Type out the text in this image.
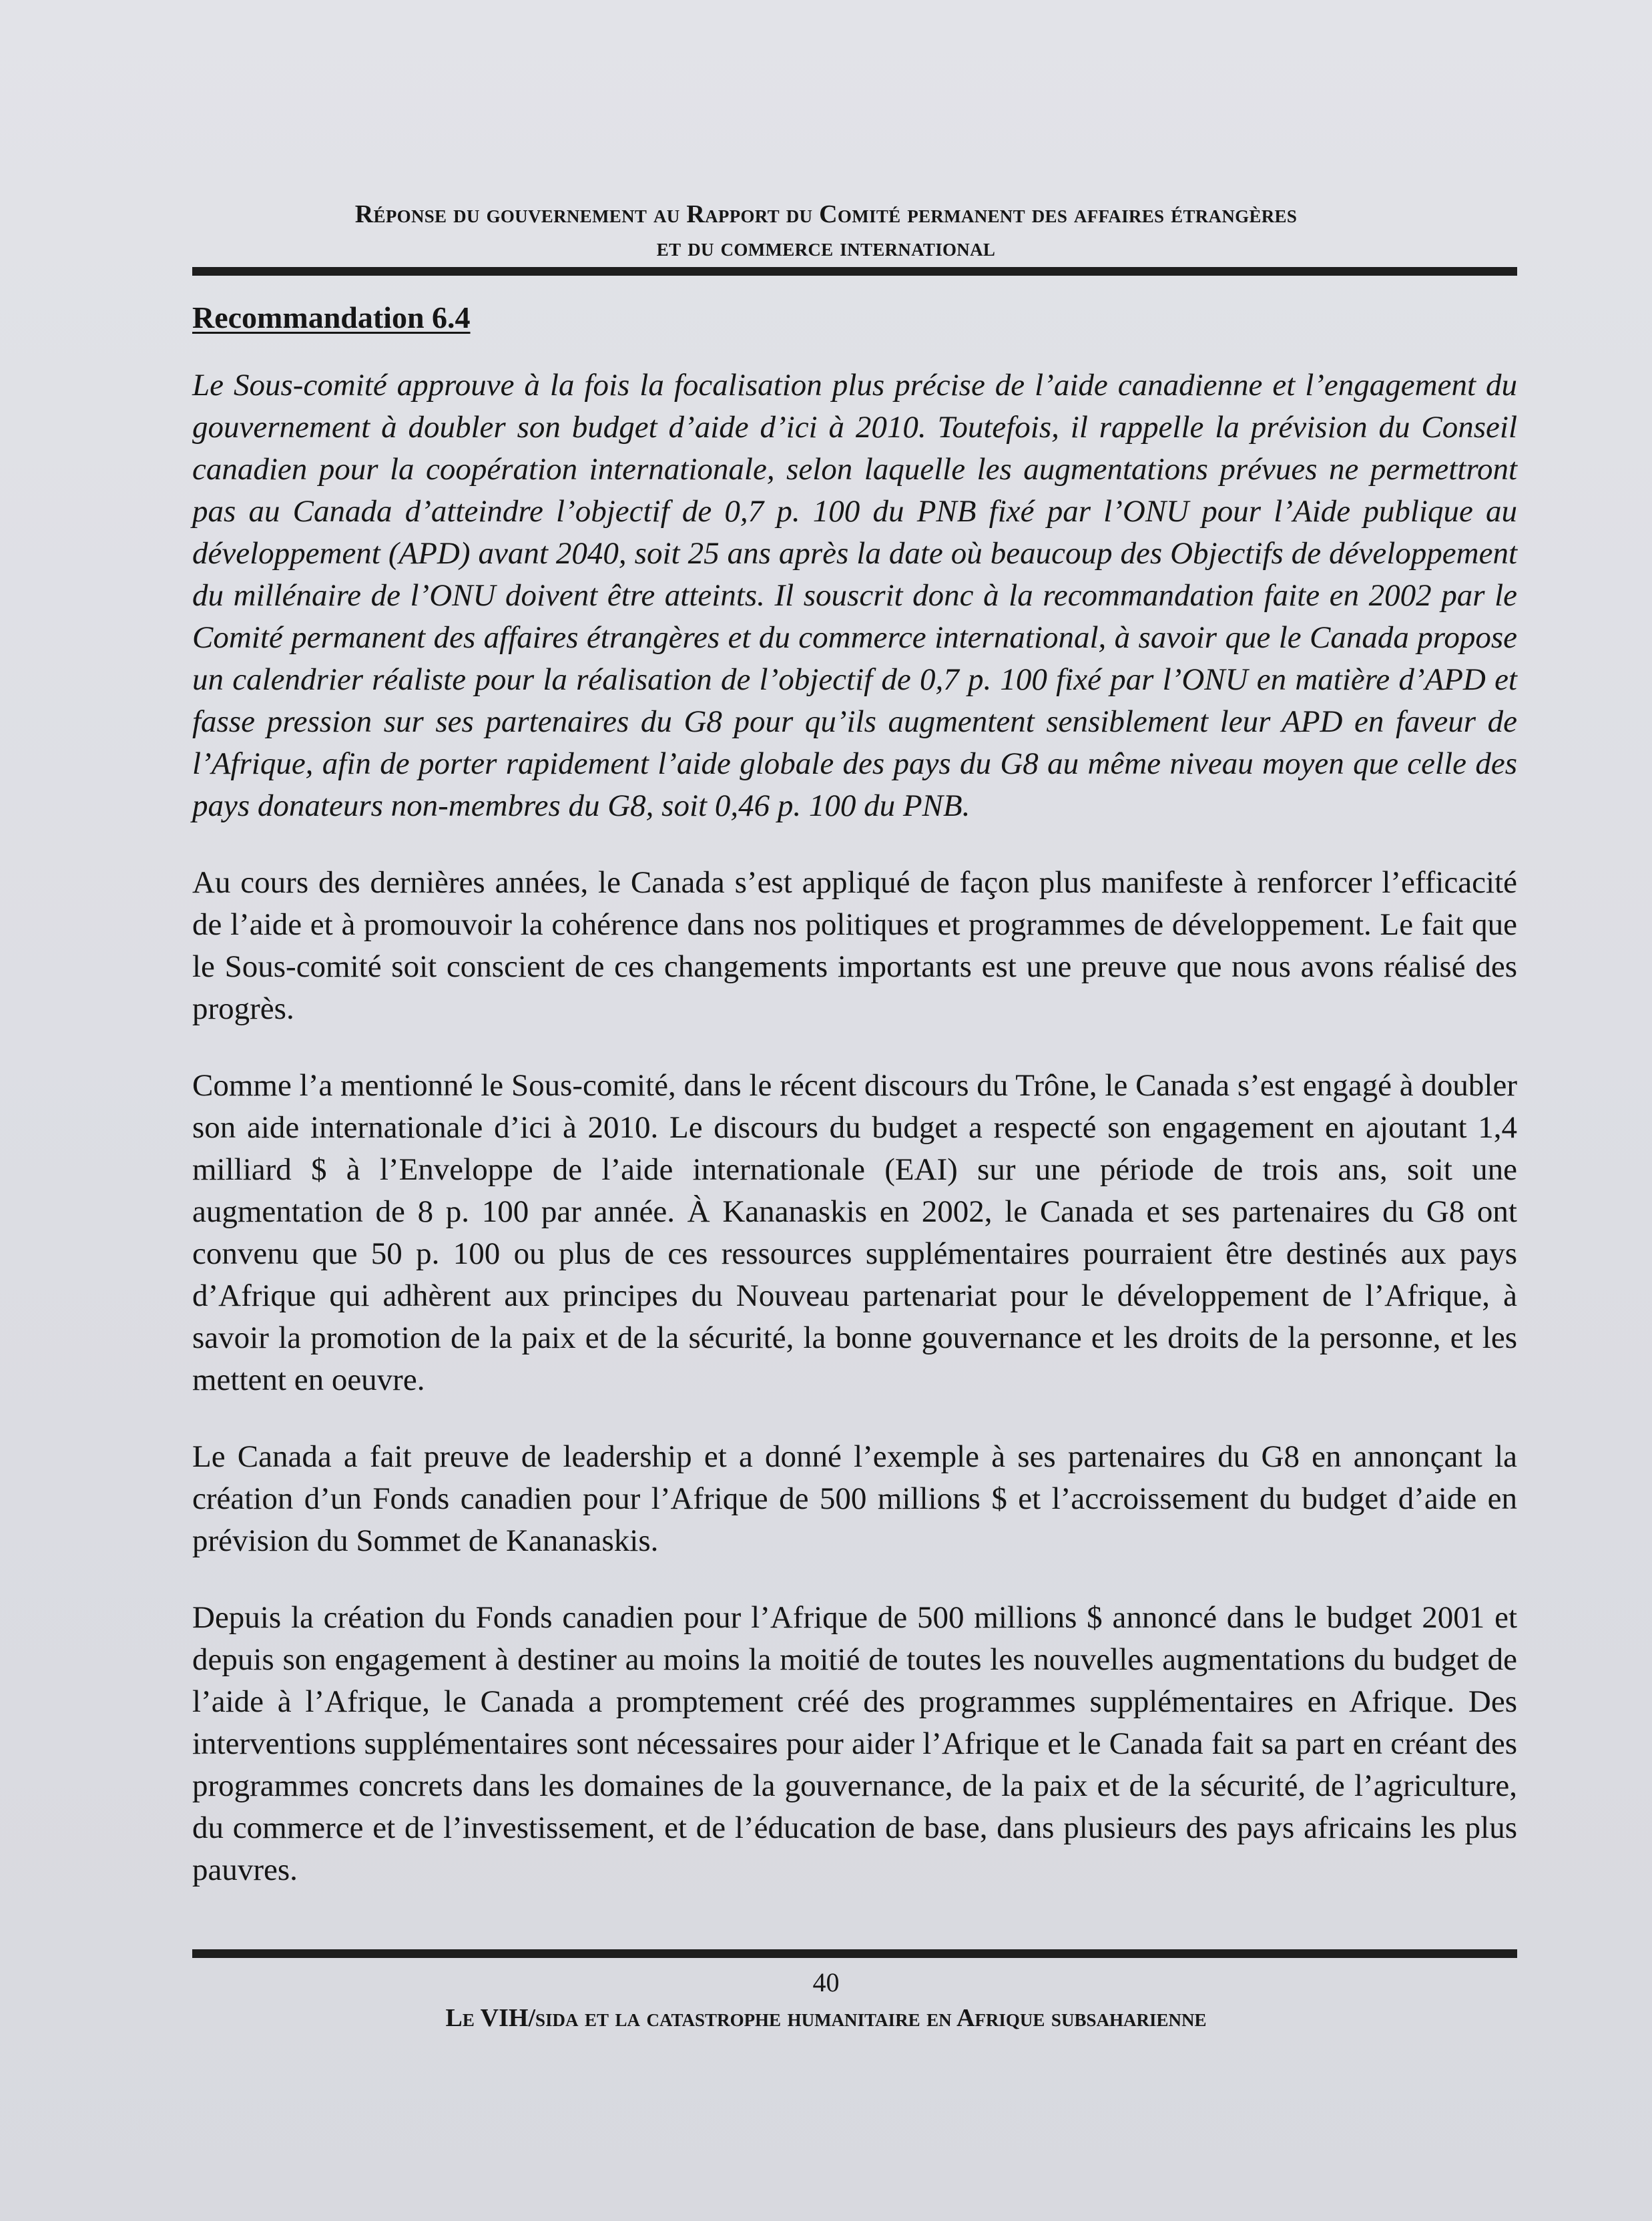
Réponse du gouvernement au Rapport du Comité permanent des affaires étrangères
et du commerce international
Recommandation 6.4

Le Sous-comité approuve à la fois la focalisation plus précise de l’aide canadienne et l’engagement du gouvernement à doubler son budget d’aide d’ici à 2010. Toutefois, il rappelle la prévision du Conseil canadien pour la coopération internationale, selon laquelle les augmentations prévues ne permettront pas au Canada d’atteindre l’objectif de 0,7 p. 100 du PNB fixé par l’ONU pour l’Aide publique au développement (APD) avant 2040, soit 25 ans après la date où beaucoup des Objectifs de développement du millénaire de l’ONU doivent être atteints. Il souscrit donc à la recommandation faite en 2002 par le Comité permanent des affaires étrangères et du commerce international, à savoir que le Canada propose un calendrier réaliste pour la réalisation de l’objectif de 0,7 p. 100 fixé par l’ONU en matière d’APD et fasse pression sur ses partenaires du G8 pour qu’ils augmentent sensiblement leur APD en faveur de l’Afrique, afin de porter rapidement l’aide globale des pays du G8 au même niveau moyen que celle des pays donateurs non-membres du G8, soit 0,46 p. 100 du PNB.

Au cours des dernières années, le Canada s’est appliqué de façon plus manifeste à renforcer l’efficacité de l’aide et à promouvoir la cohérence dans nos politiques et programmes de développement. Le fait que le Sous-comité soit conscient de ces changements importants est une preuve que nous avons réalisé des progrès.

Comme l’a mentionné le Sous-comité, dans le récent discours du Trône, le Canada s’est engagé à doubler son aide internationale d’ici à 2010. Le discours du budget a respecté son engagement en ajoutant 1,4 milliard $ à l’Enveloppe de l’aide internationale (EAI) sur une période de trois ans, soit une augmentation de 8 p. 100 par année. À Kananaskis en 2002, le Canada et ses partenaires du G8 ont convenu que 50 p. 100 ou plus de ces ressources supplémentaires pourraient être destinés aux pays d’Afrique qui adhèrent aux principes du Nouveau partenariat pour le développement de l’Afrique, à savoir la promotion de la paix et de la sécurité, la bonne gouvernance et les droits de la personne, et les mettent en oeuvre.

Le Canada a fait preuve de leadership et a donné l’exemple à ses partenaires du G8 en annonçant la création d’un Fonds canadien pour l’Afrique de 500 millions $ et l’accroissement du budget d’aide en prévision du Sommet de Kananaskis.

Depuis la création du Fonds canadien pour l’Afrique de 500 millions $ annoncé dans le budget 2001 et depuis son engagement à destiner au moins la moitié de toutes les nouvelles augmentations du budget de l’aide à l’Afrique, le Canada a promptement créé des programmes supplémentaires en Afrique. Des interventions supplémentaires sont nécessaires pour aider l’Afrique et le Canada fait sa part en créant des programmes concrets dans les domaines de la gouvernance, de la paix et de la sécurité, de l’agriculture, du commerce et de l’investissement, et de l’éducation de base, dans plusieurs des pays africains les plus pauvres.

40
Le VIH/sida et la catastrophe humanitaire en Afrique subsaharienne
